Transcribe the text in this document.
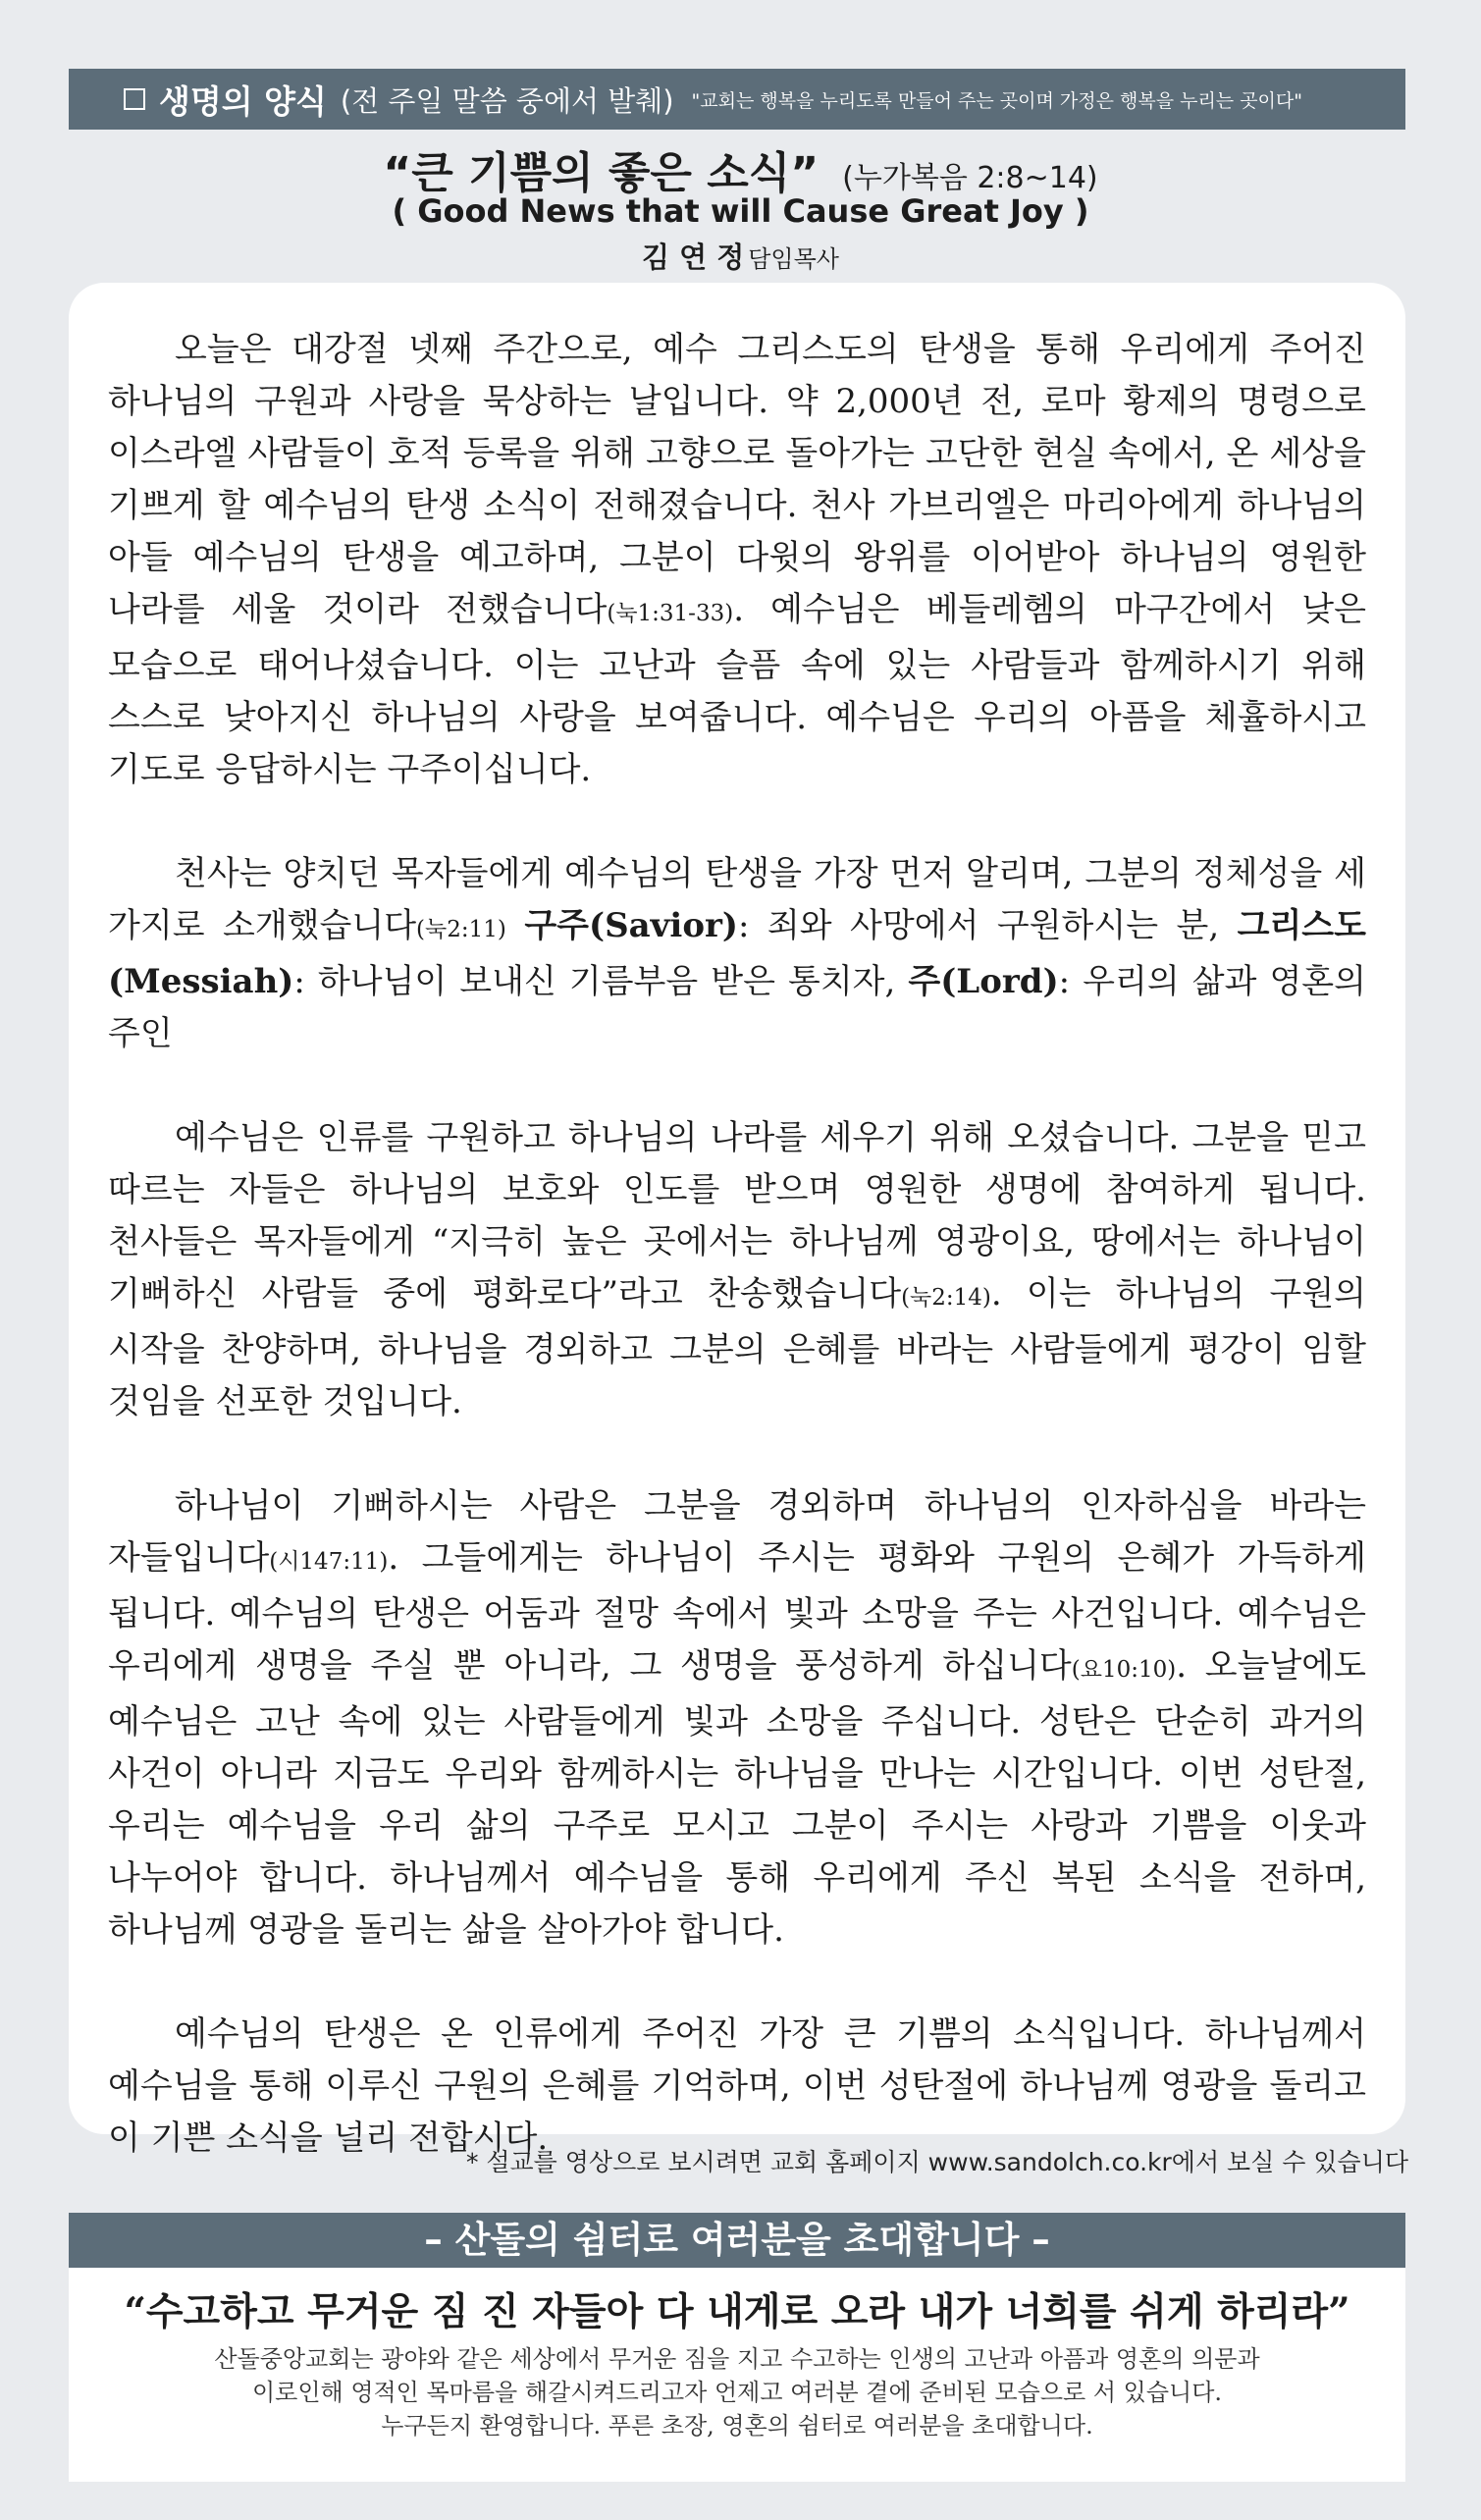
생명의 양식 (전 주일 말씀 중에서 발췌) "교회는 행복을 누리도록 만들어 주는 곳이며 가정은 행복을 누리는 곳이다"
“큰 기쁨의 좋은 소식” (누가복음 2:8~14)
( Good News that will Cause Great Joy )
김 연 정 담임목사

오늘은 대강절 넷째 주간으로, 예수 그리스도의 탄생을 통해 우리에게 주어진 하나님의 구원과 사랑을 묵상하는 날입니다. 약 2,000년 전, 로마 황제의 명령으로 이스라엘 사람들이 호적 등록을 위해 고향으로 돌아가는 고단한 현실 속에서, 온 세상을 기쁘게 할 예수님의 탄생 소식이 전해졌습니다. 천사 가브리엘은 마리아에게 하나님의 아들 예수님의 탄생을 예고하며, 그분이 다윗의 왕위를 이어받아 하나님의 영원한 나라를 세울 것이라 전했습니다(눅1:31-33). 예수님은 베들레헴의 마구간에서 낮은 모습으로 태어나셨습니다. 이는 고난과 슬픔 속에 있는 사람들과 함께하시기 위해 스스로 낮아지신 하나님의 사랑을 보여줍니다. 예수님은 우리의 아픔을 체휼하시고 기도로 응답하시는 구주이십니다.

천사는 양치던 목자들에게 예수님의 탄생을 가장 먼저 알리며, 그분의 정체성을 세 가지로 소개했습니다(눅2:11) 구주(Savior): 죄와 사망에서 구원하시는 분, 그리스도(Messiah): 하나님이 보내신 기름부음 받은 통치자, 주(Lord): 우리의 삶과 영혼의 주인

예수님은 인류를 구원하고 하나님의 나라를 세우기 위해 오셨습니다. 그분을 믿고 따르는 자들은 하나님의 보호와 인도를 받으며 영원한 생명에 참여하게 됩니다. 천사들은 목자들에게 “지극히 높은 곳에서는 하나님께 영광이요, 땅에서는 하나님이 기뻐하신 사람들 중에 평화로다”라고 찬송했습니다(눅2:14). 이는 하나님의 구원의 시작을 찬양하며, 하나님을 경외하고 그분의 은혜를 바라는 사람들에게 평강이 임할 것임을 선포한 것입니다.

하나님이 기뻐하시는 사람은 그분을 경외하며 하나님의 인자하심을 바라는 자들입니다(시147:11). 그들에게는 하나님이 주시는 평화와 구원의 은혜가 가득하게 됩니다. 예수님의 탄생은 어둠과 절망 속에서 빛과 소망을 주는 사건입니다. 예수님은 우리에게 생명을 주실 뿐 아니라, 그 생명을 풍성하게 하십니다(요10:10). 오늘날에도 예수님은 고난 속에 있는 사람들에게 빛과 소망을 주십니다. 성탄은 단순히 과거의 사건이 아니라 지금도 우리와 함께하시는 하나님을 만나는 시간입니다. 이번 성탄절, 우리는 예수님을 우리 삶의 구주로 모시고 그분이 주시는 사랑과 기쁨을 이웃과 나누어야 합니다. 하나님께서 예수님을 통해 우리에게 주신 복된 소식을 전하며, 하나님께 영광을 돌리는 삶을 살아가야 합니다.

예수님의 탄생은 온 인류에게 주어진 가장 큰 기쁨의 소식입니다. 하나님께서 예수님을 통해 이루신 구원의 은혜를 기억하며, 이번 성탄절에 하나님께 영광을 돌리고 이 기쁜 소식을 널리 전합시다.

* 설교를 영상으로 보시려면 교회 홈페이지 www.sandolch.co.kr에서 보실 수 있습니다
– 산돌의 쉼터로 여러분을 초대합니다 –
“수고하고 무거운 짐 진 자들아 다 내게로 오라 내가 너희를 쉬게 하리라”
산돌중앙교회는 광야와 같은 세상에서 무거운 짐을 지고 수고하는 인생의 고난과 아픔과 영혼의 의문과
이로인해 영적인 목마름을 해갈시켜드리고자 언제고 여러분 곁에 준비된 모습으로 서 있습니다.
누구든지 환영합니다. 푸른 초장, 영혼의 쉼터로 여러분을 초대합니다.
